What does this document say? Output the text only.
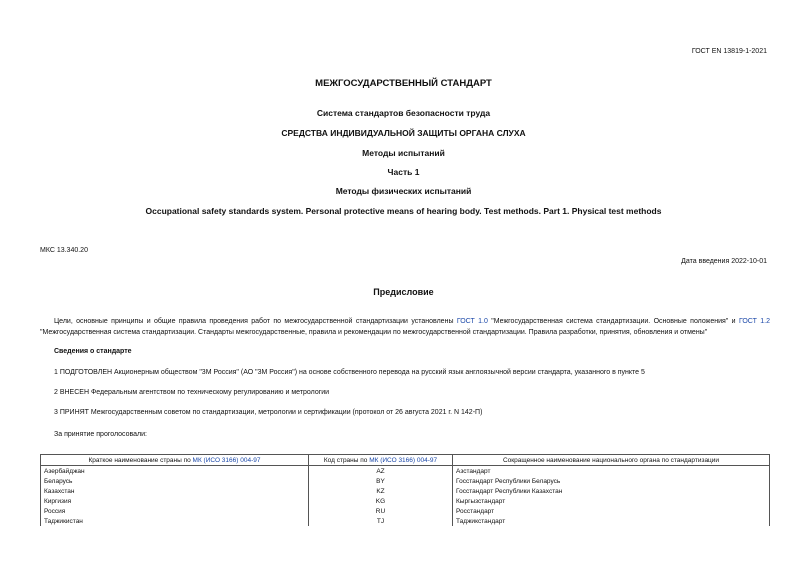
ГОСТ EN 13819-1-2021
МЕЖГОСУДАРСТВЕННЫЙ СТАНДАРТ
Система стандартов безопасности труда
СРЕДСТВА ИНДИВИДУАЛЬНОЙ ЗАЩИТЫ ОРГАНА СЛУХА
Методы испытаний
Часть 1
Методы физических испытаний
Occupational safety standards system. Personal protective means of hearing body. Test methods. Part 1. Physical test methods
МКС 13.340.20
Дата введения 2022-10-01
Предисловие
Цели, основные принципы и общие правила проведения работ по межгосударственной стандартизации установлены ГОСТ 1.0 "Межгосударственная система стандартизации. Основные положения" и ГОСТ 1.2 "Межгосударственная система стандартизации. Стандарты межгосударственные, правила и рекомендации по межгосударственной стандартизации. Правила разработки, принятия, обновления и отмены"
Сведения о стандарте
1 ПОДГОТОВЛЕН Акционерным обществом "3М Россия" (АО "3М Россия") на основе собственного перевода на русский язык англоязычной версии стандарта, указанного в пункте 5
2 ВНЕСЕН Федеральным агентством по техническому регулированию и метрологии
3 ПРИНЯТ Межгосударственным советом по стандартизации, метрологии и сертификации (протокол от 26 августа 2021 г. N 142-П)
За принятие проголосовали:
Краткое наименование страны по МК (ИСО 3166) 004-97	Код страны по МК (ИСО 3166) 004-97	Сокращенное наименование национального органа по стандартизации
Азербайджан	AZ	Азстандарт
Беларусь	BY	Госстандарт Республики Беларусь
Казахстан	KZ	Госстандарт Республики Казахстан
Киргизия	KG	Кыргызстандарт
Россия	RU	Росстандарт
Таджикистан	TJ	Таджикстандарт
